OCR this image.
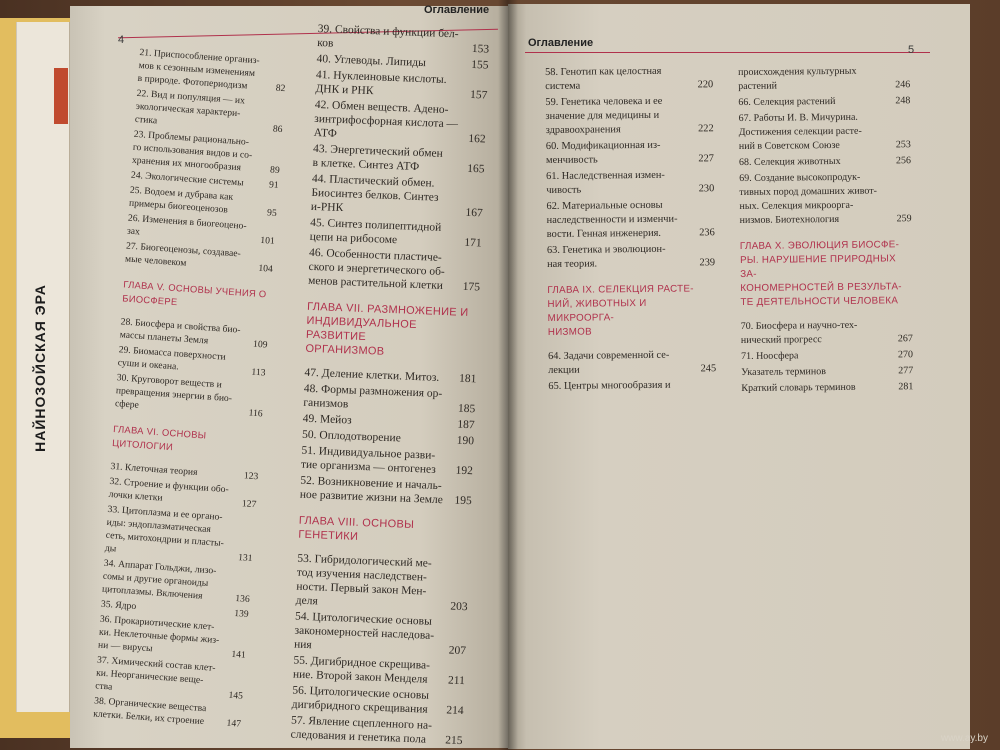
НАЙНОЗОЙСКАЯ ЭРА
4
Оглавление
Оглавление
5
21. Приспособление организ-
мов к сезонным изменениям
в природе. Фотопериодизм	82
22. Вид и популяция — их
экологическая характери-
стика
86
23. Проблемы рационально-
го использования видов и со-
хранения их многообразия	89
24. Экологические системы	91
25. Водоем и дубрава как
примеры биогеоценозов	95
26. Изменения в биогеоцено-
зах
101
27. Биогеоценозы, создавае-
мые человеком
104
ГЛАВА V. ОСНОВЫ УЧЕНИЯ О
БИОСФЕРЕ
28. Биосфера и свойства био-
массы планеты Земля	109
29. Биомасса поверхности
суши и океана.
113
30. Круговорот веществ и
превращения энергии в био-
сфере
116
ГЛАВА VI. ОСНОВЫ ЦИТОЛОГИИ
31. Клеточная теория	123
32. Строение и функции обо-
лочки клетки
127
33. Цитоплазма и ее органо-
иды: эндоплазматическая
сеть, митохондрии и пласты-
ды
131
34. Аппарат Гольджи, лизо-
сомы и другие органоиды
цитоплазмы. Включения	136
35. Ядро
139
36. Прокариотические клет-
ки. Неклеточные формы жиз-
ни — вирусы
141
37. Химический состав клет-
ки. Неорганические веще-
ства
145
38. Органические вещества
клетки. Белки, их строение	147
39. Свойства и функции бел-
ков	153
40. Углеводы. Липиды	155
41. Нуклеиновые кислоты.
ДНК и РНК	157
42. Обмен веществ. Адено-
зинтрифосфорная кислота —
АТФ	162
43. Энергетический обмен
в клетке. Синтез АТФ	165
44. Пластический обмен.
Биосинтез белков. Синтез
и-РНК	167
45. Синтез полипептидной
цепи на рибосоме	171
46. Особенности пластиче-
ского и энергетического об-
менов растительной клетки	175
ГЛАВА VII. РАЗМНОЖЕНИЕ И
ИНДИВИДУАЛЬНОЕ РАЗВИТИЕ
ОРГАНИЗМОВ
47. Деление клетки. Митоз.	181
48. Формы размножения ор-
ганизмов	185
49. Мейоз	187
50. Оплодотворение	190
51. Индивидуальное разви-
тие организма — онтогенез	192
52. Возникновение и началь-
ное развитие жизни на Земле 195
ГЛАВА VIII. ОСНОВЫ ГЕНЕТИКИ
53. Гибридологический ме-
тод изучения наследствен-
ности. Первый закон Мен-
деля	203
54. Цитологические основы
закономерностей наследова-
ния	207
55. Дигибридное скрещива-
ние. Второй закон Менделя	211
56. Цитологические основы
дигибридного скрещивания	214
57. Явление сцепленного на-
следования и генетика пола	215
58. Генотип как целостная
система	220
59. Генетика человека и ее
значение для медицины и
здравоохранения	222
60. Модификационная из-
менчивость	227
61. Наследственная измен-
чивость	230
62. Материальные основы
наследственности и изменчи-
вости. Генная инженерия.	236
63. Генетика и эволюцион-
ная теория.	239
ГЛАВА IX. СЕЛЕКЦИЯ РАСТЕ-
НИЙ, ЖИВОТНЫХ И МИКРООРГА-
НИЗМОВ
64. Задачи современной се-
лекции	245
65. Центры многообразия и
происхождения культурных
растений	246
66. Селекция растений	248
67. Работы И. В. Мичурина.
Достижения селекции расте-
ний в Советском Союзе	253
68. Селекция животных	256
69. Создание высокопродук-
тивных пород домашних живот-
ных. Селекция микроорга-
низмов. Биотехнология	259
ГЛАВА X. ЭВОЛЮЦИЯ БИОСФЕ-
РЫ. НАРУШЕНИЕ ПРИРОДНЫХ ЗА-
КОНОМЕРНОСТЕЙ В РЕЗУЛЬТА-
ТЕ ДЕЯТЕЛЬНОСТИ ЧЕЛОВЕКА
70. Биосфера и научно-тех-
нический прогресс	267
71. Ноосфера	270
Указатель терминов	277
Краткий словарь терминов	281
www.ay.by
